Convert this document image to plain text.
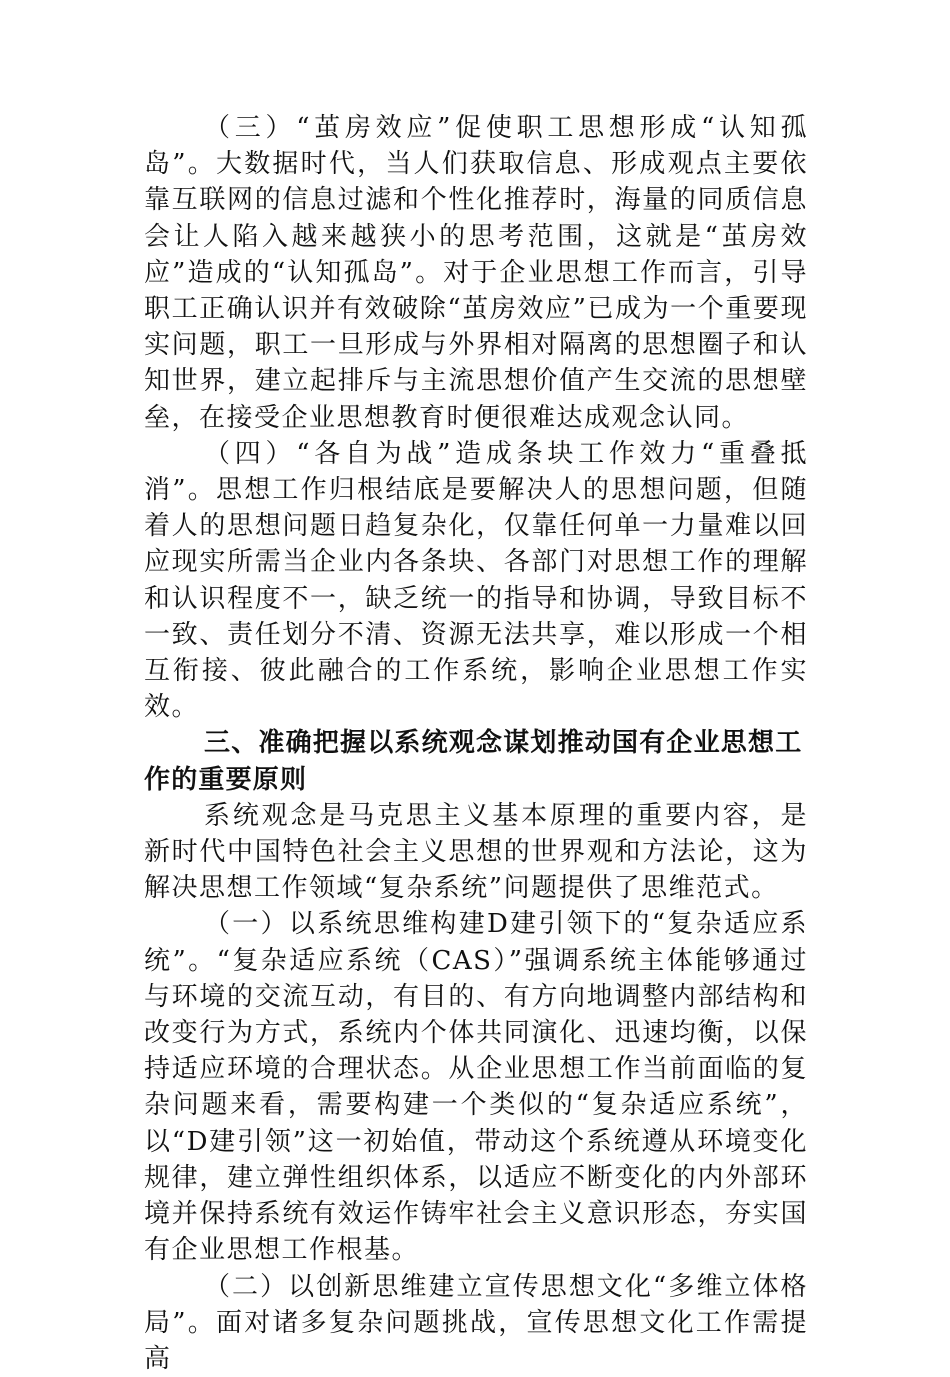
（三）“茧房效应”促使职工思想形成“认知孤岛”。大数据时代，当人们获取信息、形成观点主要依靠互联网的信息过滤和个性化推荐时，海量的同质信息会让人陷入越来越狭小的思考范围，这就是“茧房效应”造成的“认知孤岛”。对于企业思想工作而言，引导职工正确认识并有效破除“茧房效应”已成为一个重要现实问题，职工一旦形成与外界相对隔离的思想圈子和认知世界，建立起排斥与主流思想价值产生交流的思想壁垒，在接受企业思想教育时便很难达成观念认同。

（四）“各自为战”造成条块工作效力“重叠抵消”。思想工作归根结底是要解决人的思想问题，但随着人的思想问题日趋复杂化，仅靠任何单一力量难以回应现实所需当企业内各条块、各部门对思想工作的理解和认识程度不一，缺乏统一的指导和协调，导致目标不一致、责任划分不清、资源无法共享，难以形成一个相互衔接、彼此融合的工作系统，影响企业思想工作实效。

三、准确把握以系统观念谋划推动国有企业思想工作的重要原则

系统观念是马克思主义基本原理的重要内容，是新时代中国特色社会主义思想的世界观和方法论，这为解决思想工作领域“复杂系统”问题提供了思维范式。

（一）以系统思维构建D建引领下的“复杂适应系统”。“复杂适应系统（CAS）”强调系统主体能够通过与环境的交流互动，有目的、有方向地调整内部结构和改变行为方式，系统内个体共同演化、迅速均衡，以保持适应环境的合理状态。从企业思想工作当前面临的复杂问题来看，需要构建一个类似的“复杂适应系统”，以“D建引领”这一初始值，带动这个系统遵从环境变化规律，建立弹性组织体系，以适应不断变化的内外部环境并保持系统有效运作铸牢社会主义意识形态，夯实国有企业思想工作根基。

（二）以创新思维建立宣传思想文化“多维立体格局”。面对诸多复杂问题挑战，宣传思想文化工作需提高
